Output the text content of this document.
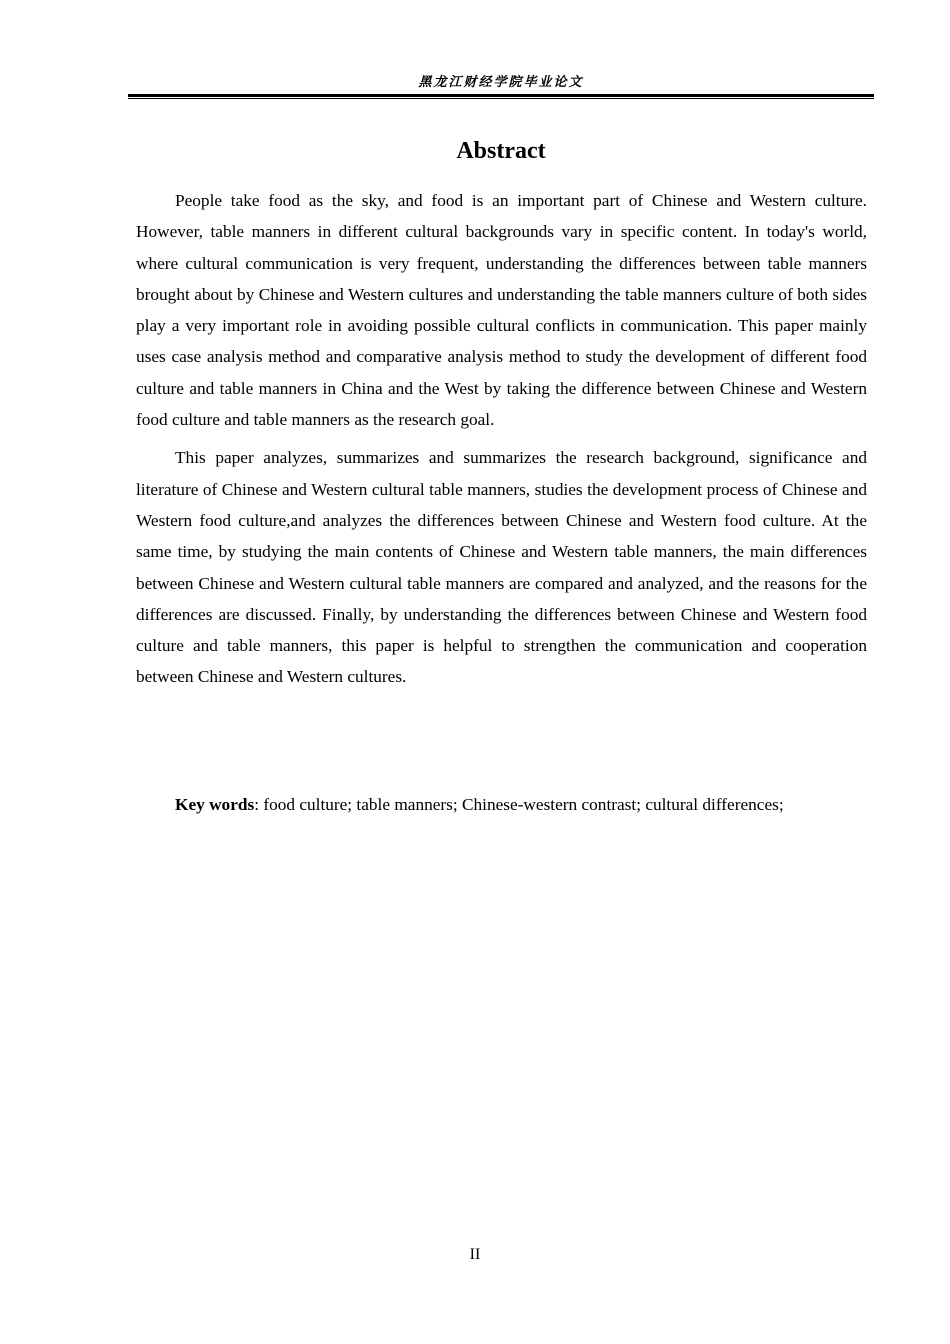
黑龙江财经学院毕业论文
Abstract

People take food as the sky, and food is an important part of Chinese and Western culture. However, table manners in different cultural backgrounds vary in specific content. In today's world, where cultural communication is very frequent, understanding the differences between table manners brought about by Chinese and Western cultures and understanding the table manners culture of both sides play a very important role in avoiding possible cultural conflicts in communication. This paper mainly uses case analysis method and comparative analysis method to study the development of different food culture and table manners in China and the West by taking the difference between Chinese and Western food culture and table manners as the research goal.

This paper analyzes, summarizes and summarizes the research background, significance and literature of Chinese and Western cultural table manners, studies the development process of Chinese and Western food culture,and analyzes the differences between Chinese and Western food culture. At the same time, by studying the main contents of Chinese and Western table manners, the main differences between Chinese and Western cultural table manners are compared and analyzed, and the reasons for the differences are discussed. Finally, by understanding the differences between Chinese and Western food culture and table manners, this paper is helpful to strengthen the communication and cooperation between Chinese and Western cultures.

Key words: food culture; table manners; Chinese-western contrast; cultural differences;
II
